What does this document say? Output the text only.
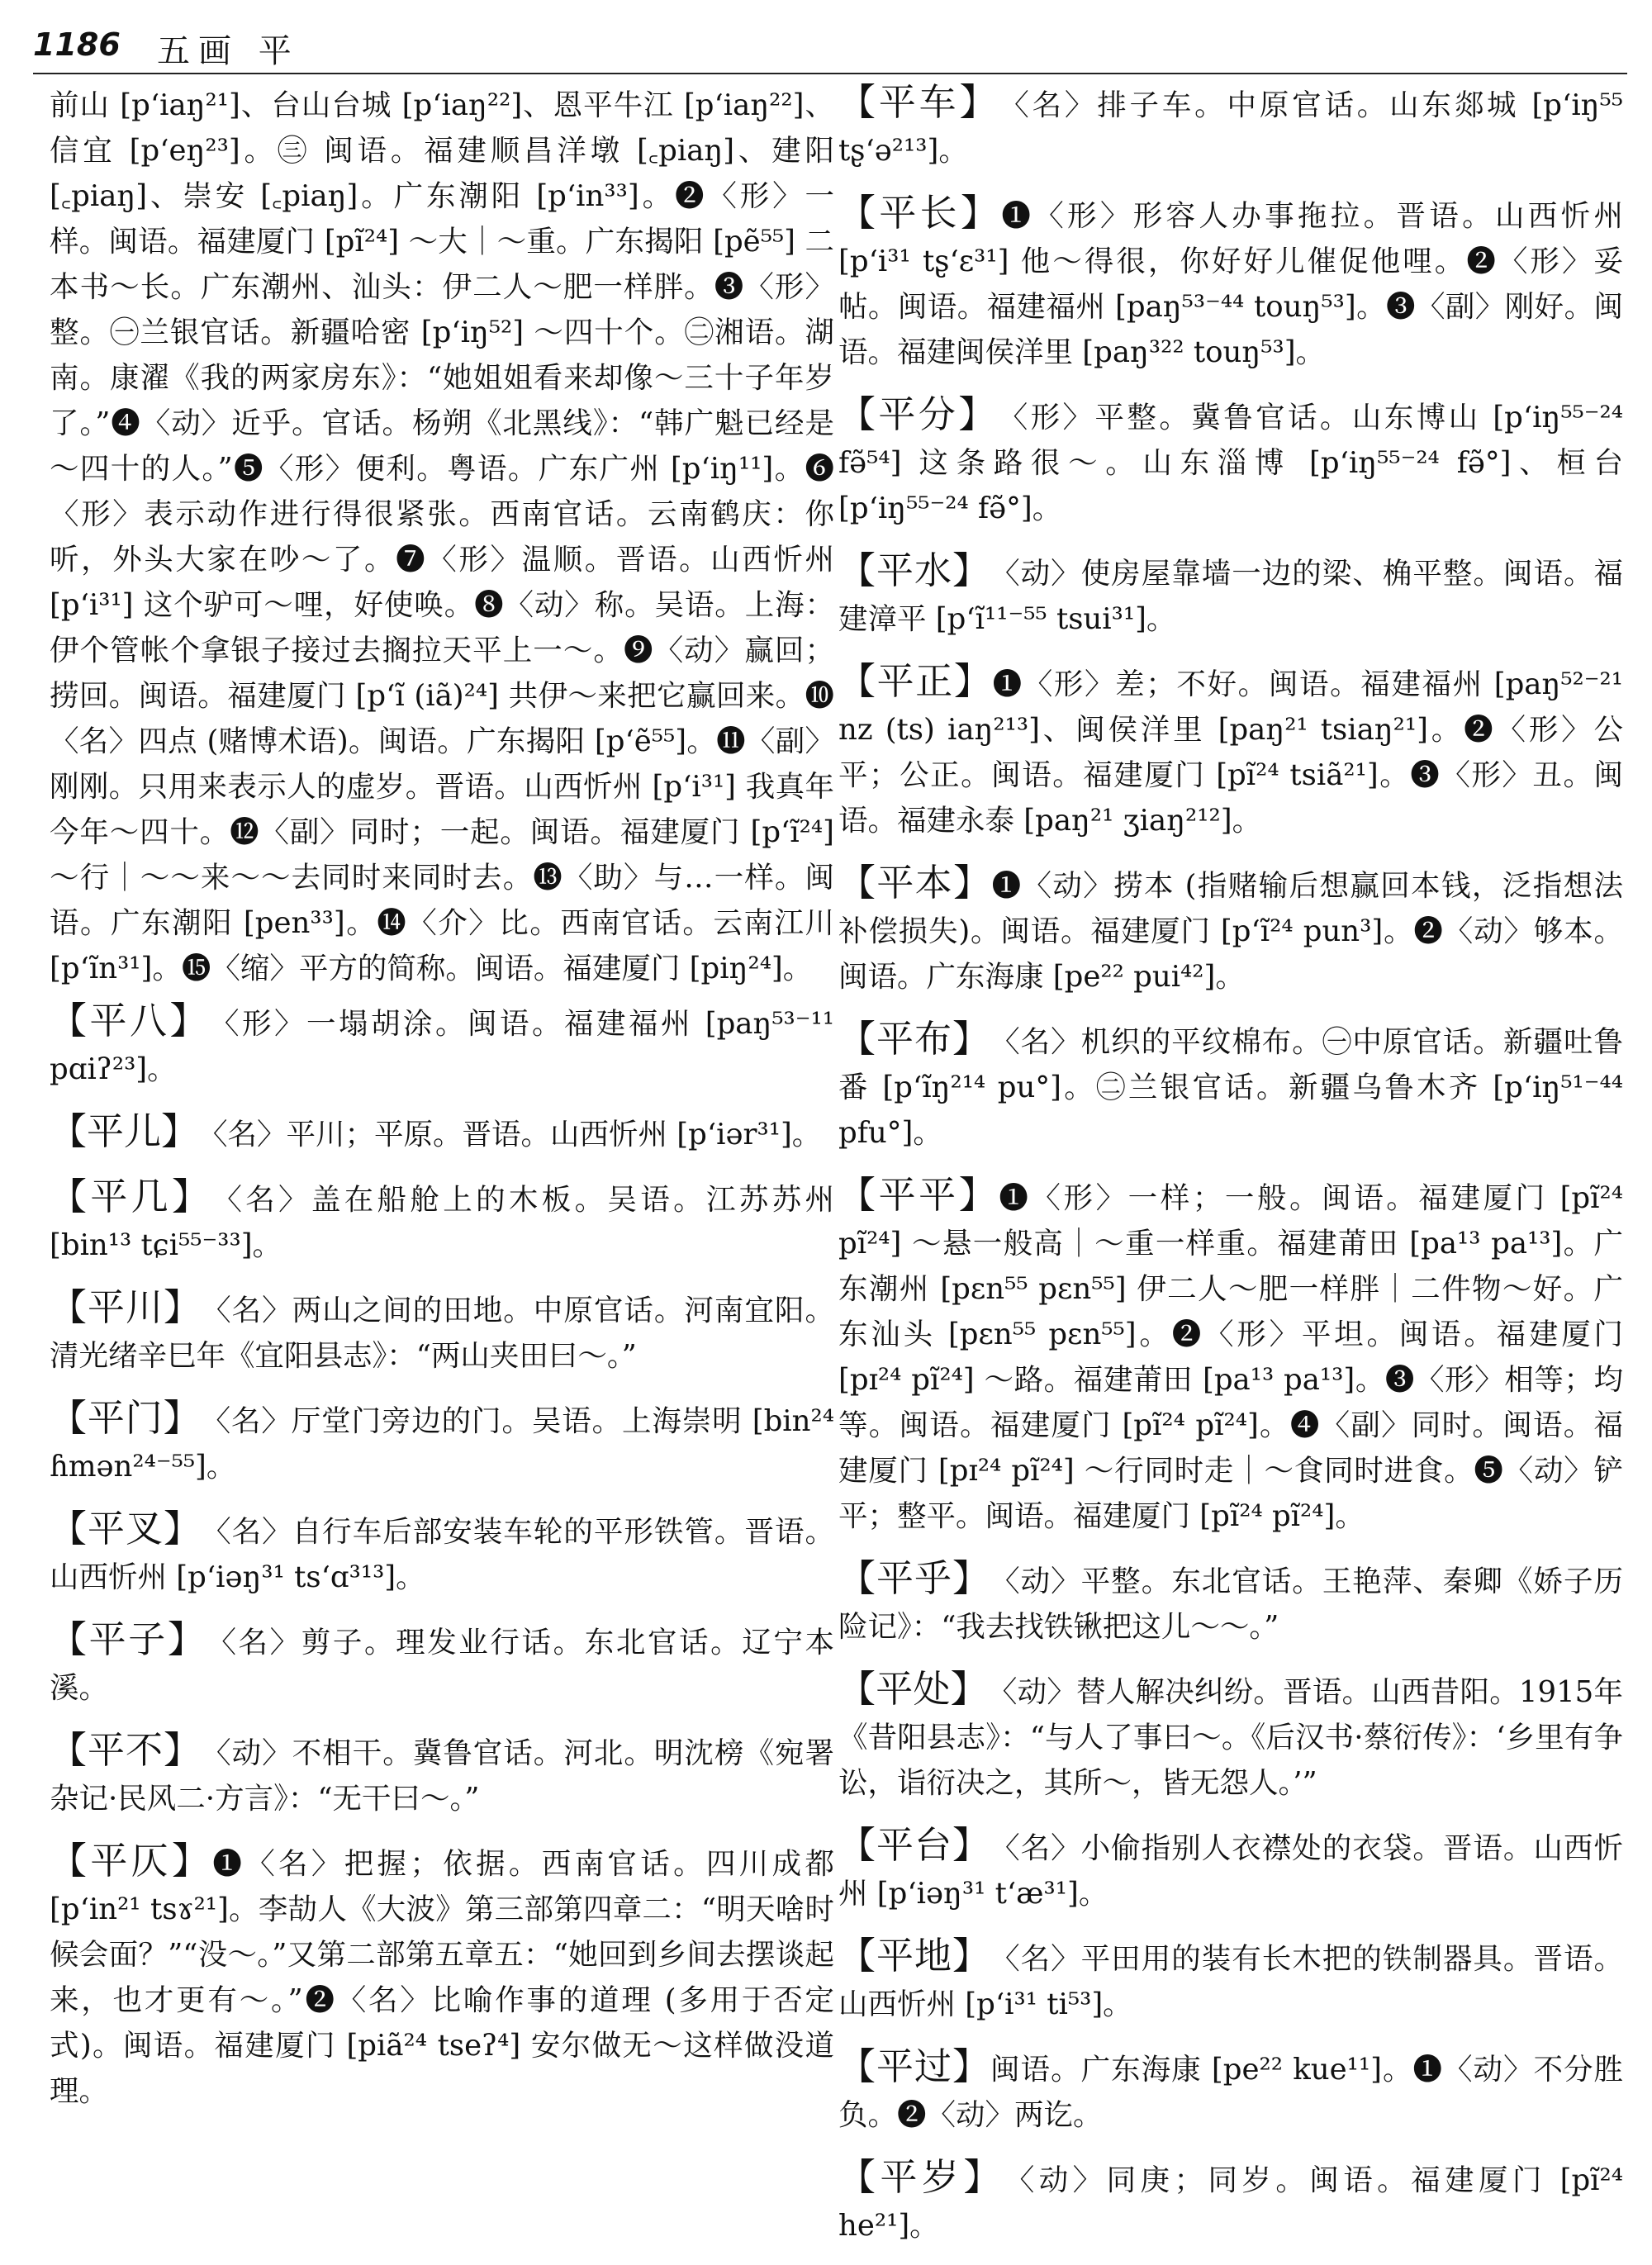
1186 五画 平

前山 [p‘iaŋ²¹]、台山台城 [p‘iaŋ²²]、恩平牛江 [p‘iaŋ²²]、信宜 [p‘eŋ²³]。㊂ 闽语。福建顺昌洋墩 [꜀piaŋ]、建阳 [꜀piaŋ]、崇安 [꜀piaŋ]。广东潮阳 [p‘in³³]。❷〈形〉一样。闽语。福建厦门 [pĩ²⁴] ～大｜～重。广东揭阳 [pẽ⁵⁵] 二本书～长。广东潮州、汕头：伊二人～肥一样胖。❸〈形〉整。㊀兰银官话。新疆哈密 [p‘iŋ⁵²] ～四十个。㊁湘语。湖南。康濯《我的两家房东》：“她姐姐看来却像～三十子年岁了。”❹〈动〉近乎。官话。杨朔《北黑线》：“韩广魁已经是～四十的人。”❺〈形〉便利。粤语。广东广州 [p‘iŋ¹¹]。❻〈形〉表示动作进行得很紧张。西南官话。云南鹤庆：你听，外头大家在吵～了。❼〈形〉温顺。晋语。山西忻州 [p‘i³¹] 这个驴可～哩，好使唤。❽〈动〉称。吴语。上海：伊个管帐个拿银子接过去搁拉天平上一～。❾〈动〉赢回；捞回。闽语。福建厦门 [p‘ĩ (iã)²⁴] 共伊～来把它赢回来。❿〈名〉四点 (赌博术语)。闽语。广东揭阳 [p‘ẽ⁵⁵]。⓫〈副〉刚刚。只用来表示人的虚岁。晋语。山西忻州 [p‘i³¹] 我真年今年～四十。⓬〈副〉同时；一起。闽语。福建厦门 [p‘ĩ²⁴] ～行｜～～来～～去同时来同时去。⓭〈助〉与…一样。闽语。广东潮阳 [pen³³]。⓮〈介〉比。西南官话。云南江川 [p‘ĩn³¹]。⓯〈缩〉平方的简称。闽语。福建厦门 [piŋ²⁴]。

【平八】

〈形〉一塌胡涂。闽语。福建福州 [paŋ⁵³⁻¹¹ pɑiʔ²³]。

【平儿】

〈名〉平川；平原。晋语。山西忻州 [p‘iər³¹]。

【平几】

〈名〉盖在船舱上的木板。吴语。江苏苏州 [bin¹³ tɕi⁵⁵⁻³³]。

【平川】

〈名〉两山之间的田地。中原官话。河南宜阳。清光绪辛巳年《宜阳县志》：“两山夹田曰～。”

【平门】

〈名〉厅堂门旁边的门。吴语。上海崇明 [bin²⁴ ɦmən²⁴⁻⁵⁵]。

【平叉】

〈名〉自行车后部安装车轮的平形铁管。晋语。山西忻州 [p‘iəŋ³¹ ts‘ɑ³¹³]。

【平子】

〈名〉剪子。理发业行话。东北官话。辽宁本溪。

【平不】

〈动〉不相干。冀鲁官话。河北。明沈榜《宛署杂记·民风二·方言》：“无干曰～。”

【平仄】

❶〈名〉把握；依据。西南官话。四川成都 [p‘in²¹ tsɤ²¹]。李劼人《大波》第三部第四章二：“明天啥时候会面？”“没～。”又第二部第五章五：“她回到乡间去摆谈起来，也才更有～。”❷〈名〉比喻作事的道理 (多用于否定式)。闽语。福建厦门 [piã²⁴ tseʔ⁴] 安尔做无～这样做没道理。

【平车】

〈名〉排子车。中原官话。山东郯城 [p‘iŋ⁵⁵ tʂ‘ə²¹³]。

【平长】

❶〈形〉形容人办事拖拉。晋语。山西忻州 [p‘i³¹ tʂ‘ɛ³¹] 他～得很，你好好儿催促他哩。❷〈形〉妥帖。闽语。福建福州 [paŋ⁵³⁻⁴⁴ touŋ⁵³]。❸〈副〉刚好。闽语。福建闽侯洋里 [paŋ³²² touŋ⁵³]。

【平分】

〈形〉平整。冀鲁官话。山东博山 [p‘iŋ⁵⁵⁻²⁴ fə̃⁵⁴] 这条路很～。山东淄博 [p‘iŋ⁵⁵⁻²⁴ fə̃°]、桓台 [p‘iŋ⁵⁵⁻²⁴ fə̃°]。

【平水】

〈动〉使房屋靠墙一边的梁、桷平整。闽语。福建漳平 [p‘ĩ¹¹⁻⁵⁵ tsui³¹]。

【平正】

❶〈形〉差；不好。闽语。福建福州 [paŋ⁵²⁻²¹ nz (ts) iaŋ²¹³]、闽侯洋里 [paŋ²¹ tsiaŋ²¹]。❷〈形〉公平；公正。闽语。福建厦门 [pĩ²⁴ tsiã²¹]。❸〈形〉丑。闽语。福建永泰 [paŋ²¹ ʒiaŋ²¹²]。

【平本】

❶〈动〉捞本 (指赌输后想赢回本钱，泛指想法补偿损失)。闽语。福建厦门 [p‘ĩ²⁴ pun³]。❷〈动〉够本。闽语。广东海康 [pe²² pui⁴²]。

【平布】

〈名〉机织的平纹棉布。㊀中原官话。新疆吐鲁番 [p‘ĩŋ²¹⁴ pu°]。㊁兰银官话。新疆乌鲁木齐 [p‘iŋ⁵¹⁻⁴⁴ pfu°]。

【平平】

❶〈形〉一样；一般。闽语。福建厦门 [pĩ²⁴ pĩ²⁴] ～悬一般高｜～重一样重。福建莆田 [pa¹³ pa¹³]。广东潮州 [pɛn⁵⁵ pɛn⁵⁵] 伊二人～肥一样胖｜二件物～好。广东汕头 [pɛn⁵⁵ pɛn⁵⁵]。❷〈形〉平坦。闽语。福建厦门 [pɪ²⁴ pĩ²⁴] ～路。福建莆田 [pa¹³ pa¹³]。❸〈形〉相等；均等。闽语。福建厦门 [pĩ²⁴ pĩ²⁴]。❹〈副〉同时。闽语。福建厦门 [pɪ²⁴ pĩ²⁴] ～行同时走｜～食同时进食。❺〈动〉铲平；整平。闽语。福建厦门 [pĩ²⁴ pĩ²⁴]。

【平乎】

〈动〉平整。东北官话。王艳萍、秦卿《娇子历险记》：“我去找铁锹把这儿～～。”

【平处】

〈动〉替人解决纠纷。晋语。山西昔阳。1915年《昔阳县志》：“与人了事曰～。《后汉书·蔡衍传》：‘乡里有争讼，诣衍决之，其所～，皆无怨人。’”

【平台】

〈名〉小偷指别人衣襟处的衣袋。晋语。山西忻州 [p‘iəŋ³¹ t‘æ³¹]。

【平地】

〈名〉平田用的装有长木把的铁制器具。晋语。山西忻州 [p‘i³¹ ti⁵³]。

【平过】

闽语。广东海康 [pe²² kue¹¹]。❶〈动〉不分胜负。❷〈动〉两讫。

【平岁】

〈动〉同庚；同岁。闽语。福建厦门 [pĩ²⁴ he²¹]。
